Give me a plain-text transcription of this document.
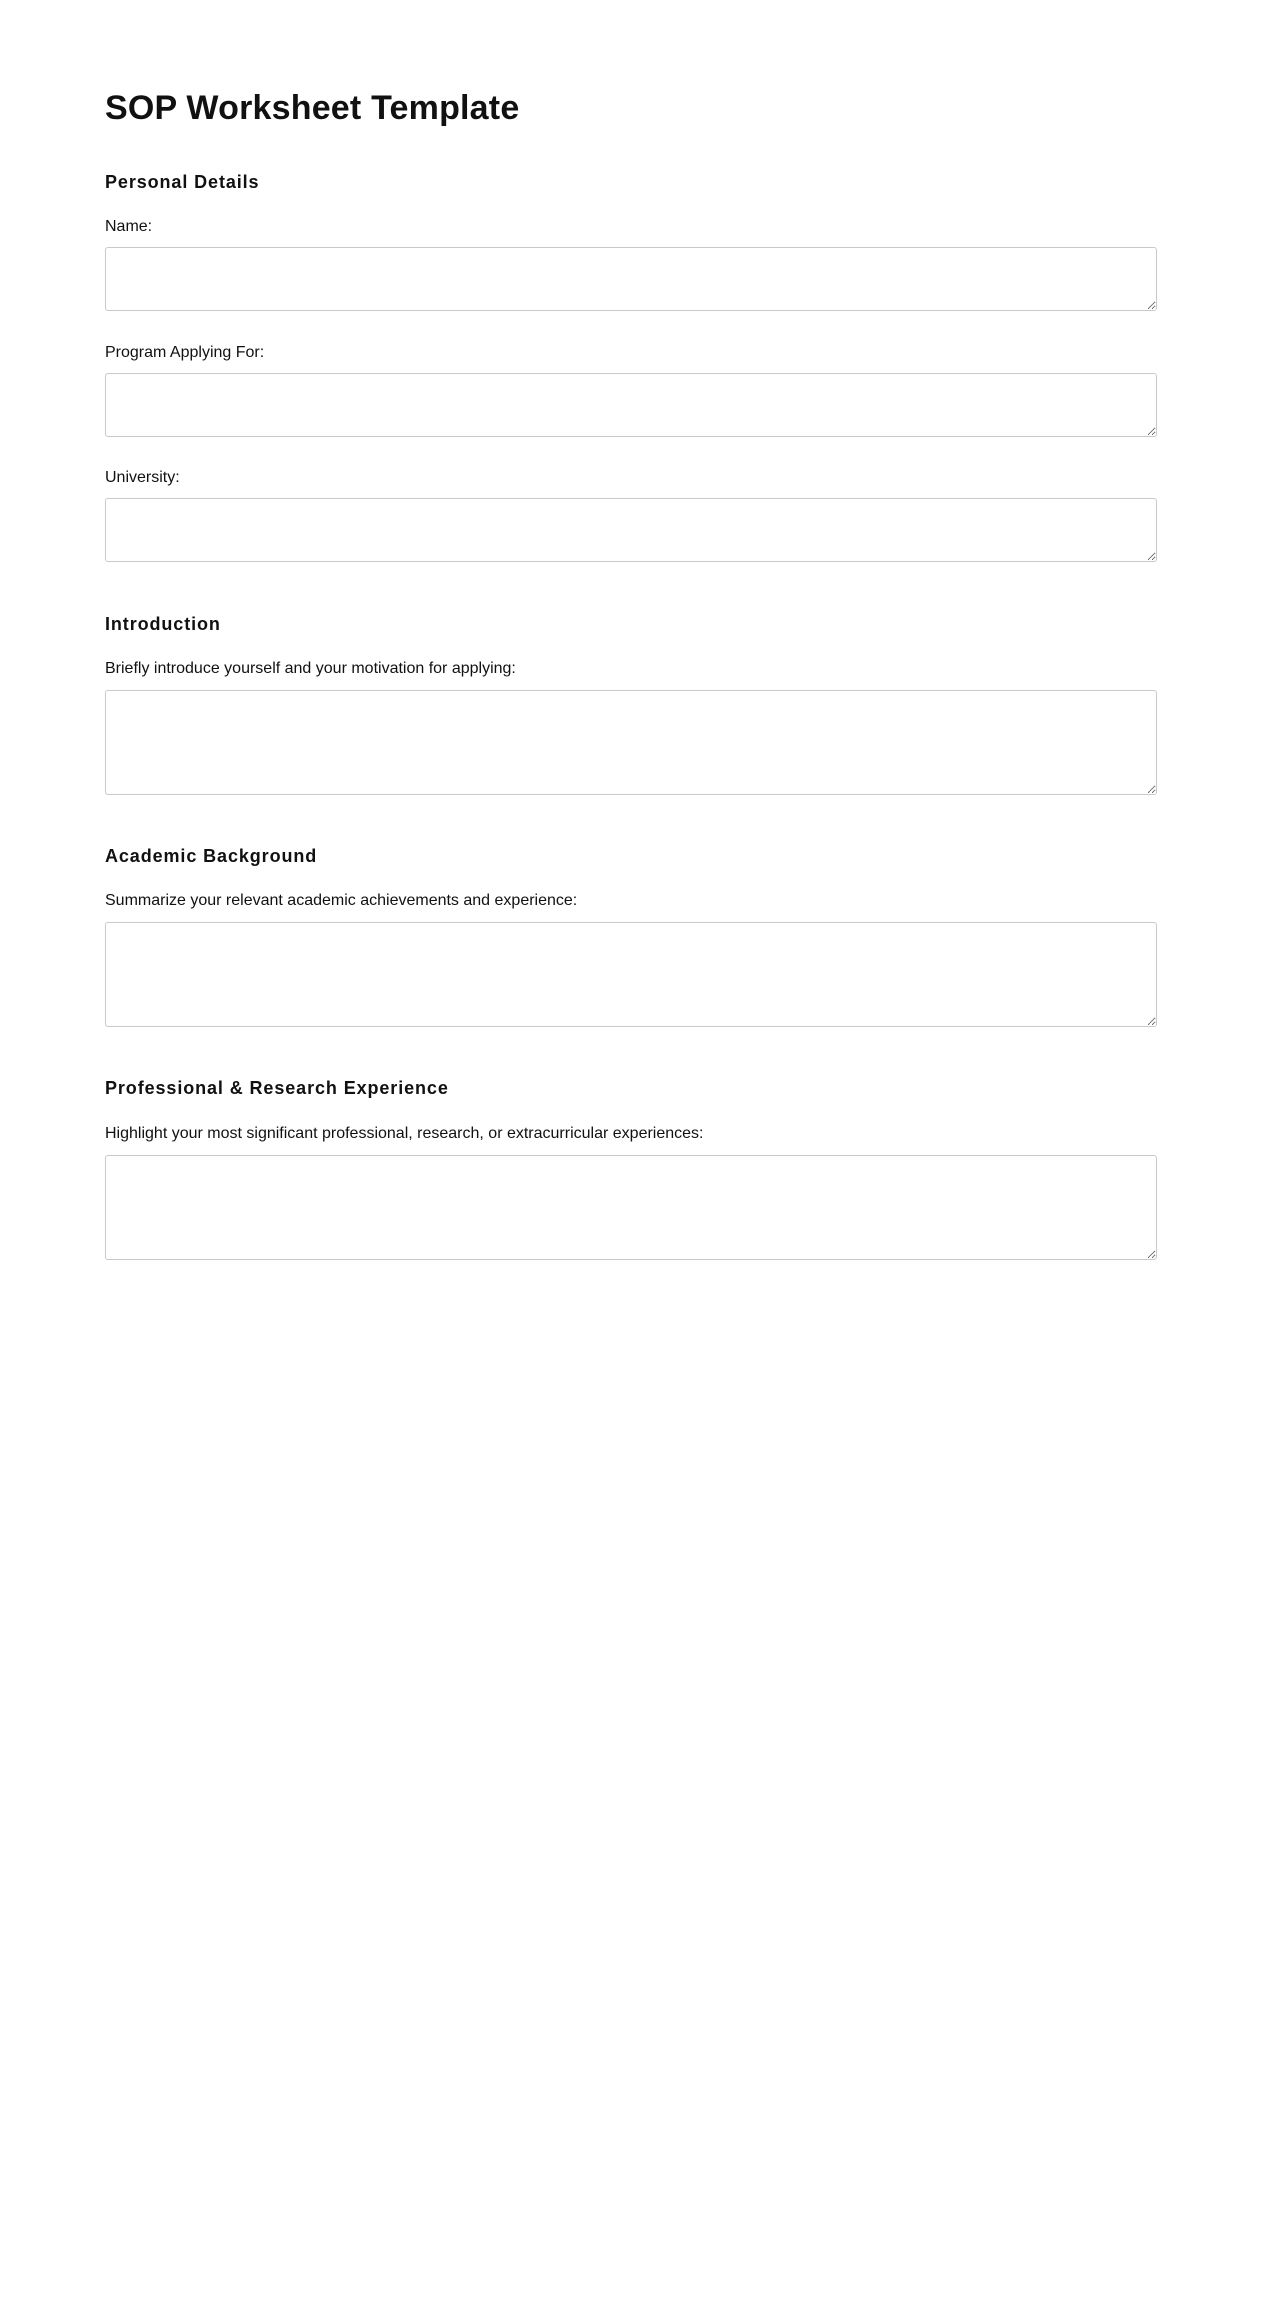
SOP Worksheet Template
Personal Details
Name:
Program Applying For:
University:
Introduction
Briefly introduce yourself and your motivation for applying:
Academic Background
Summarize your relevant academic achievements and experience:
Professional & Research Experience
Highlight your most significant professional, research, or extracurricular experiences:
